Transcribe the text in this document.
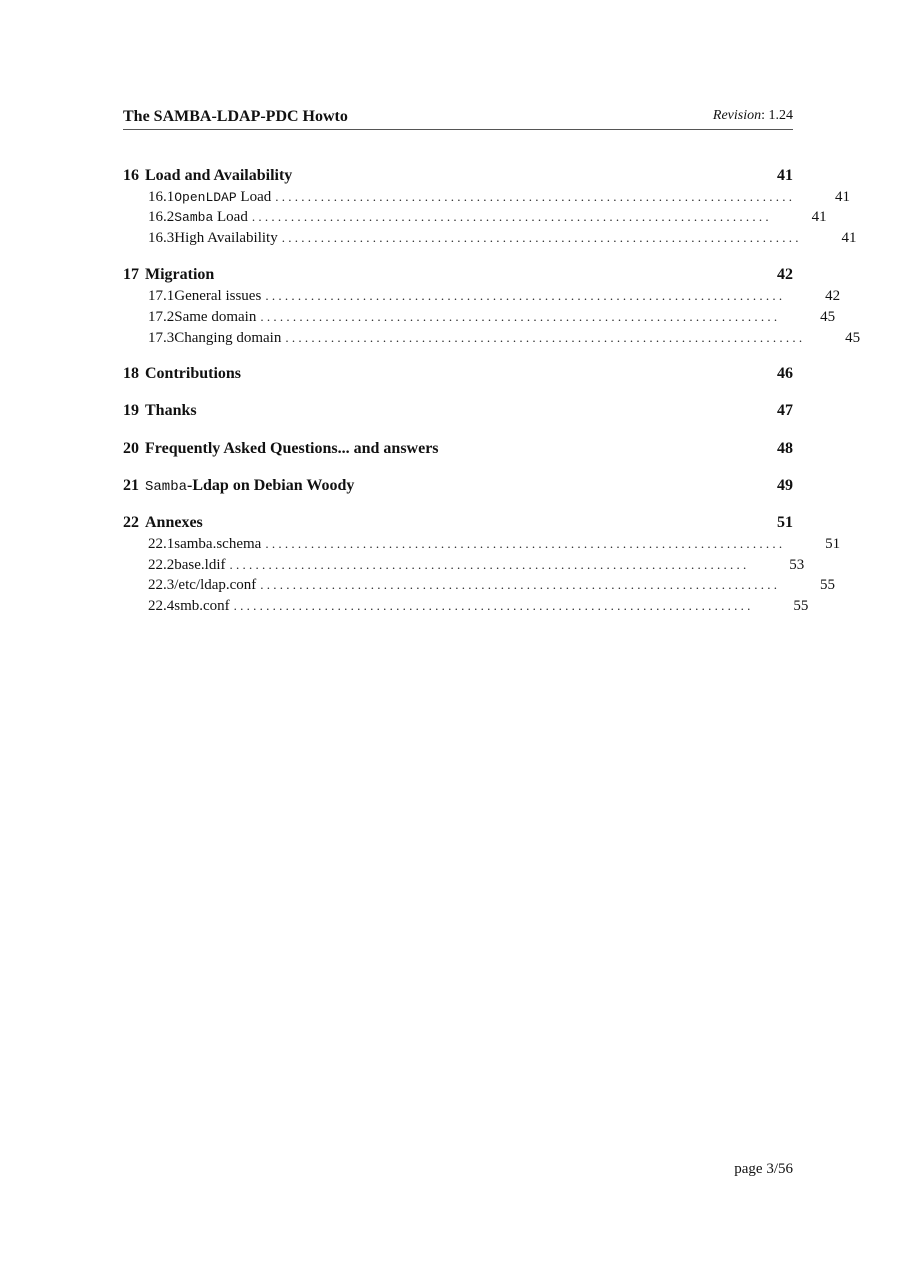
The SAMBA-LDAP-PDC Howto	Revision: 1.24
16 Load and Availability	41
16.1 OpenLDAP Load . . . . . . . . . . . . . . . . . . . . . . . . . . . . . . . . . . . . . . . . . . . . . . . . . . . . . . . . . . . . . . . . . . . . . . . . . . . . . . . .	41
16.2 Samba Load . . . . . . . . . . . . . . . . . . . . . . . . . . . . . . . . . . . . . . . . . . . . . . . . . . . . . . . . . . . . . . . . . . . . . . . . . . . . . . . .	41
16.3 High Availability . . . . . . . . . . . . . . . . . . . . . . . . . . . . . . . . . . . . . . . . . . . . . . . . . . . . . . . . . . . . . . . . . . . . . . . . . . . . . . . .	41
17 Migration	42
17.1 General issues . . . . . . . . . . . . . . . . . . . . . . . . . . . . . . . . . . . . . . . . . . . . . . . . . . . . . . . . . . . . . . . . . . . . . . . . . . . . . . . .	42
17.2 Same domain . . . . . . . . . . . . . . . . . . . . . . . . . . . . . . . . . . . . . . . . . . . . . . . . . . . . . . . . . . . . . . . . . . . . . . . . . . . . . . . .	45
17.3 Changing domain . . . . . . . . . . . . . . . . . . . . . . . . . . . . . . . . . . . . . . . . . . . . . . . . . . . . . . . . . . . . . . . . . . . . . . . . . . . . . . . .	45
18 Contributions	46
19 Thanks	47
20 Frequently Asked Questions... and answers	48
21 Samba-Ldap on Debian Woody	49
22 Annexes	51
22.1 samba.schema . . . . . . . . . . . . . . . . . . . . . . . . . . . . . . . . . . . . . . . . . . . . . . . . . . . . . . . . . . . . . . . . . . . . . . . . . . . . . . . .	51
22.2 base.ldif . . . . . . . . . . . . . . . . . . . . . . . . . . . . . . . . . . . . . . . . . . . . . . . . . . . . . . . . . . . . . . . . . . . . . . . . . . . . . . . .	53
22.3 /etc/ldap.conf . . . . . . . . . . . . . . . . . . . . . . . . . . . . . . . . . . . . . . . . . . . . . . . . . . . . . . . . . . . . . . . . . . . . . . . . . . . . . . . .	55
22.4 smb.conf . . . . . . . . . . . . . . . . . . . . . . . . . . . . . . . . . . . . . . . . . . . . . . . . . . . . . . . . . . . . . . . . . . . . . . . . . . . . . . . .	55
page 3/56
